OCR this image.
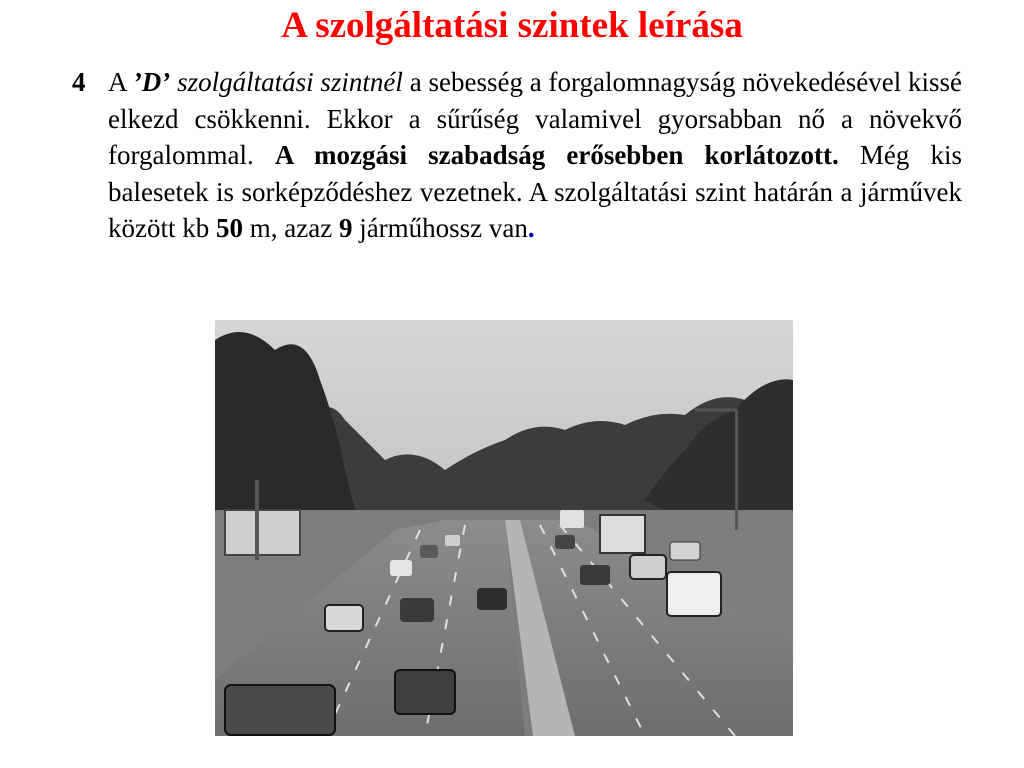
A szolgáltatási szintek leírása
4 A ’D’ szolgáltatási szintnél a sebesség a forgalomnagyság növekedésével kissé elkezd csökkenni. Ekkor a sűrűség valamivel gyorsabban nő a növekvő forgalommal. A mozgási szabadság erősebben korlátozott. Még kis balesetek is sorképződéshez vezetnek. A szolgáltatási szint határán a járművek között kb 50 m, azaz 9 járműhossz van.
